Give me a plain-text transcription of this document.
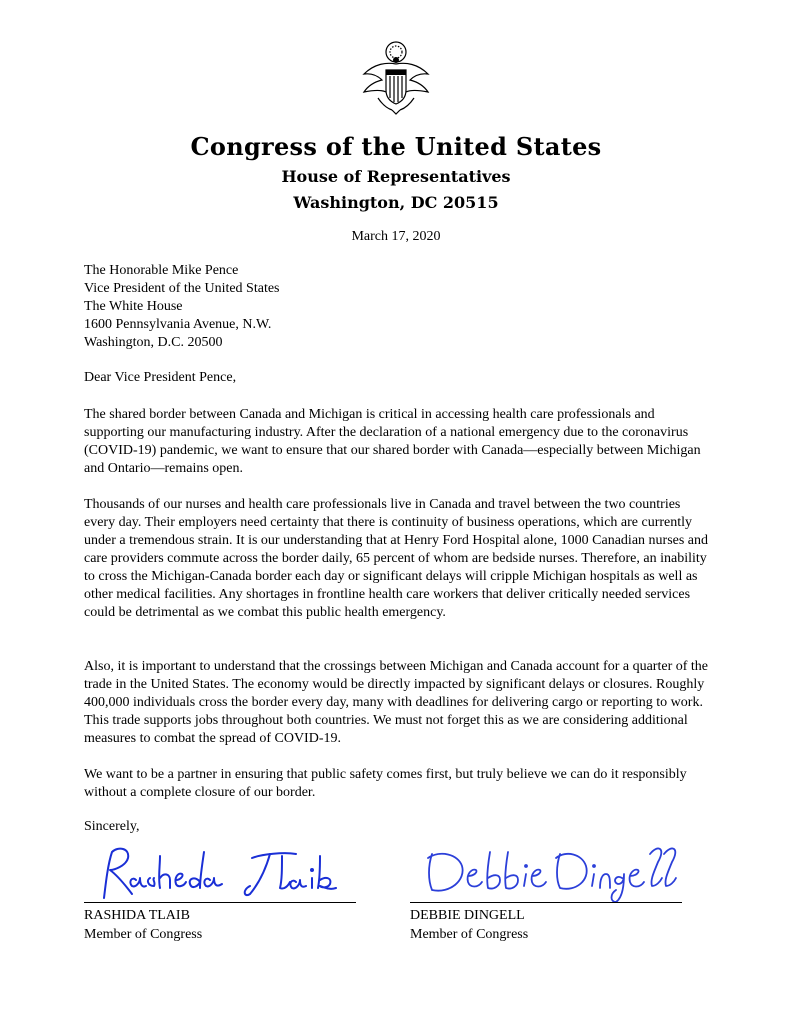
Congress of the United States
House of Representatives
Washington, DC 20515
March 17, 2020
The Honorable Mike Pence
Vice President of the United States
The White House
1600 Pennsylvania Avenue, N.W.
Washington, D.C. 20500
Dear Vice President Pence,

The shared border between Canada and Michigan is critical in accessing health care professionals and supporting our manufacturing industry. After the declaration of a national emergency due to the coronavirus (COVID-19) pandemic, we want to ensure that our shared border with Canada—especially between Michigan and Ontario—remains open.

Thousands of our nurses and health care professionals live in Canada and travel between the two countries every day. Their employers need certainty that there is continuity of business operations, which are currently under a tremendous strain. It is our understanding that at Henry Ford Hospital alone, 1000 Canadian nurses and care providers commute across the border daily, 65 percent of whom are bedside nurses. Therefore, an inability to cross the Michigan-Canada border each day or significant delays will cripple Michigan hospitals as well as other medical facilities. Any shortages in frontline health care workers that deliver critically needed services could be detrimental as we combat this public health emergency.

Also, it is important to understand that the crossings between Michigan and Canada account for a quarter of the trade in the United States. The economy would be directly impacted by significant delays or closures. Roughly 400,000 individuals cross the border every day, many with deadlines for delivering cargo or reporting to work. This trade supports jobs throughout both countries. We must not forget this as we are considering additional measures to combat the spread of COVID-19.

We want to be a partner in ensuring that public safety comes first, but truly believe we can do it responsibly without a complete closure of our border.

Sincerely,
RASHIDA TLAIB
Member of Congress
DEBBIE DINGELL
Member of Congress
